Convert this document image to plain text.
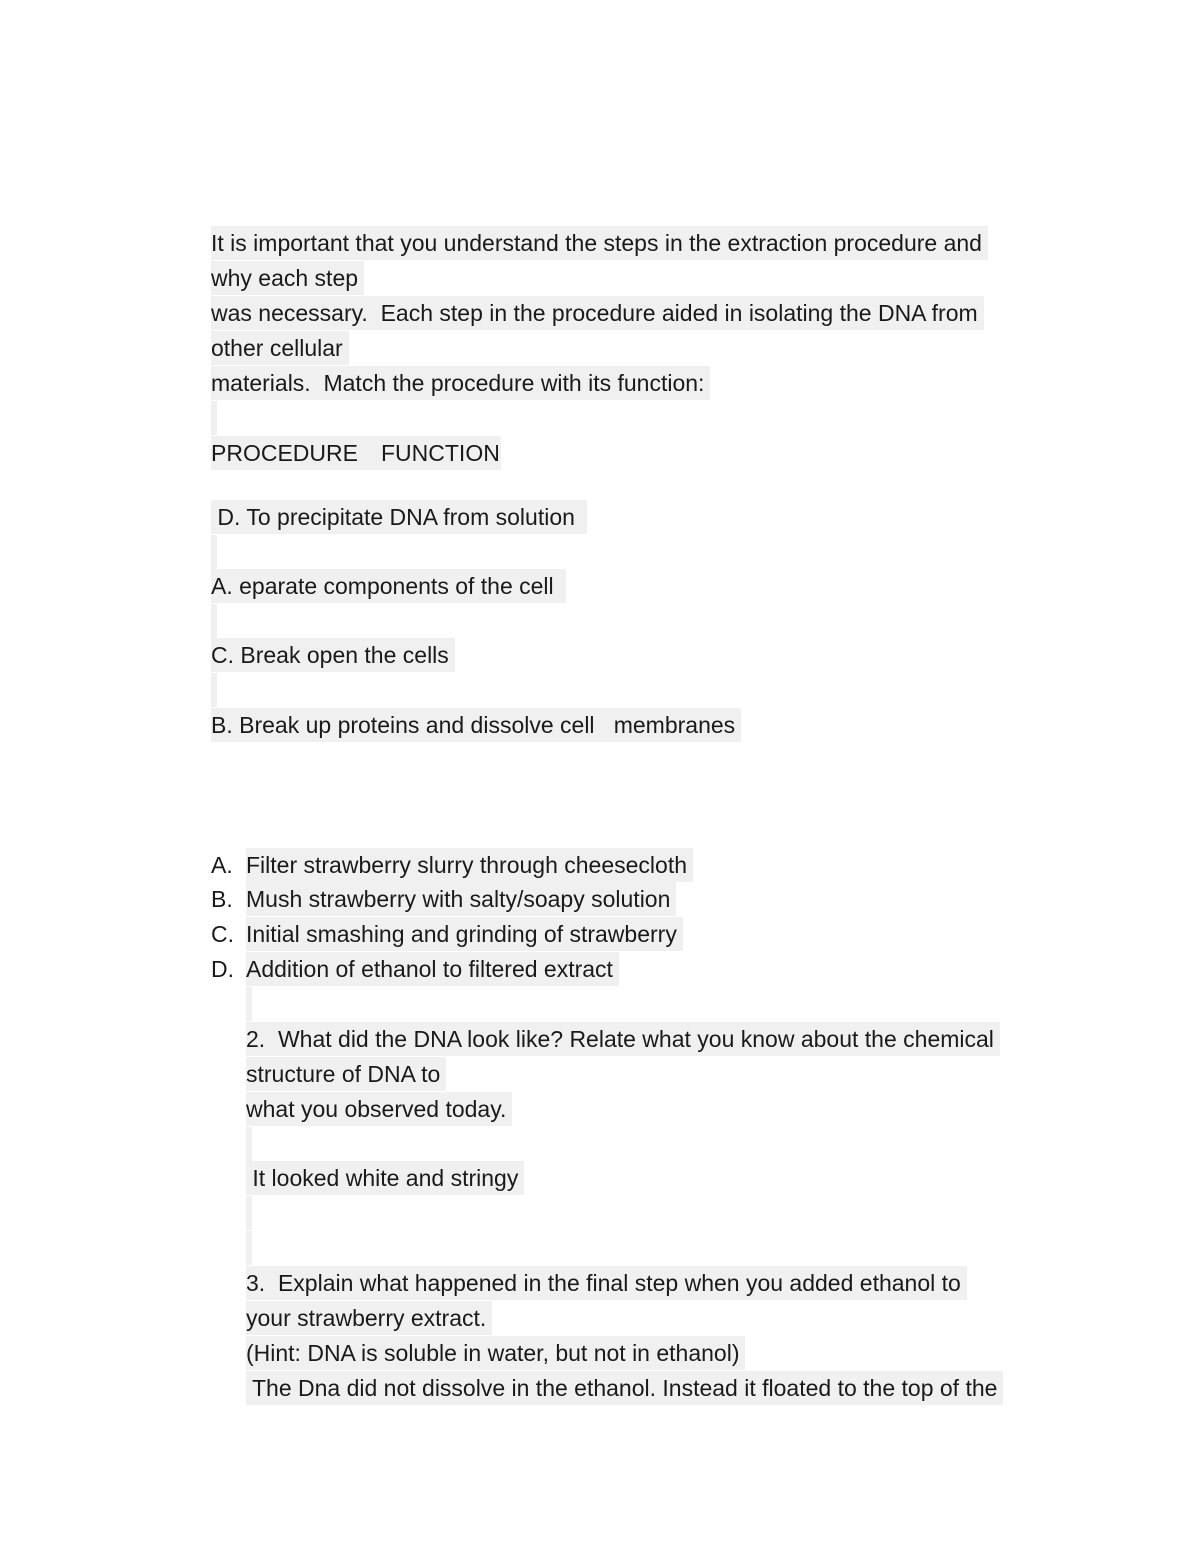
It is important that you understand the steps in the extraction procedure and
why each step
was necessary.  Each step in the procedure aided in isolating the DNA from
other cellular
materials.  Match the procedure with its function:
PROCEDURE FUNCTION
D. To precipitate DNA from solution
A. eparate components of the cell
C. Break open the cells
B. Break up proteins and dissolve cell   membranes
A. Filter strawberry slurry through cheesecloth
B. Mush strawberry with salty/soapy solution
C. Initial smashing and grinding of strawberry
D. Addition of ethanol to filtered extract
2.  What did the DNA look like? Relate what you know about the chemical
structure of DNA to
what you observed today.
It looked white and stringy
3.  Explain what happened in the final step when you added ethanol to
your strawberry extract.
(Hint: DNA is soluble in water, but not in ethanol)
The Dna did not dissolve in the ethanol. Instead it floated to the top of the
